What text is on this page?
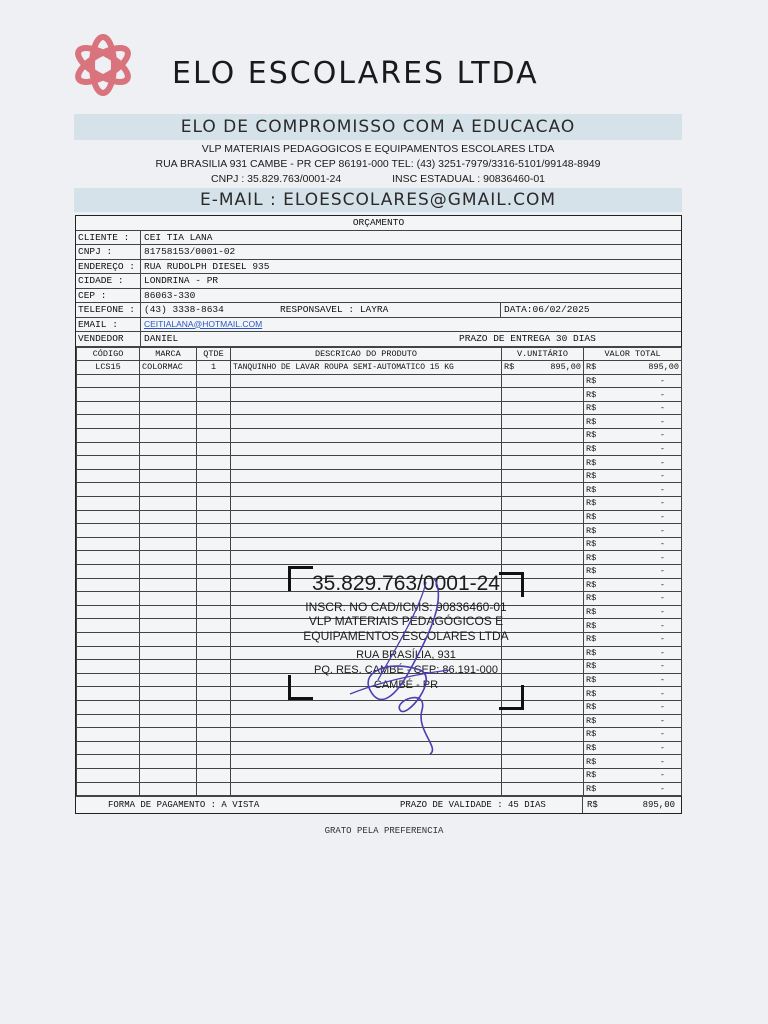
ELO ESCOLARES LTDA
ELO DE COMPROMISSO COM A EDUCACAO
VLP MATERIAIS PEDAGOGICOS E EQUIPAMENTOS ESCOLARES LTDA
RUA BRASILIA 931 CAMBE - PR CEP 86191-000 TEL: (43) 3251-7979/3316-5101/99148-8949
CNPJ : 35.829.763/0001-24	INSC ESTADUAL : 90836460-01
E-MAIL : ELOESCOLARES@GMAIL.COM
ORÇAMENTO
CLIENTE :	CEI TIA LANA
CNPJ :	81758153/0001-02
ENDEREÇO : RUA RUDOLPH DIESEL 935
CIDADE :	LONDRINA - PR
CEP :	86063-330
TELEFONE : (43) 3338-8634	RESPONSAVEL : LAYRA	DATA:06/02/2025
EMAIL :	CEITIALANA@HOTMAIL.COM
VENDEDOR	DANIEL	PRAZO DE ENTREGA 30 DIAS
CÓDIGO	MARCA	QTDE	DESCRICAO DO PRODUTO	V.UNITÁRIO	VALOR TOTAL
LCS15	COLORMAC	1	TANQUINHO DE LAVAR ROUPA SEMI-AUTOMATICO 15 KG	R$ 895,00	R$ 895,00

					R$ -

					R$ -

					R$ -

					R$ -

					R$ -

					R$ -

					R$ -

					R$ -

					R$ -

					R$ -

					R$ -

					R$ -

					R$ -

					R$ -

					R$ -

					R$ -

					R$ -

					R$ -

					R$ -

					R$ -

					R$ -

					R$ -

					R$ -

					R$ -

					R$ -

					R$ -

					R$ -

					R$ -

					R$ -

					R$ -

					R$ -
FORMA DE PAGAMENTO : A VISTA	PRAZO DE VALIDADE : 45 DIAS	R$	895,00
GRATO PELA PREFERENCIA
35.829.763/0001-24
INSCR. NO CAD/ICMS: 90836460-01
VLP MATERIAIS PEDAGÓGICOS E
EQUIPAMENTOS ESCOLARES LTDA
RUA BRASÍLIA, 931
PQ. RES. CAMBÉ - CEP: 86.191-000
CAMBÉ - PR
